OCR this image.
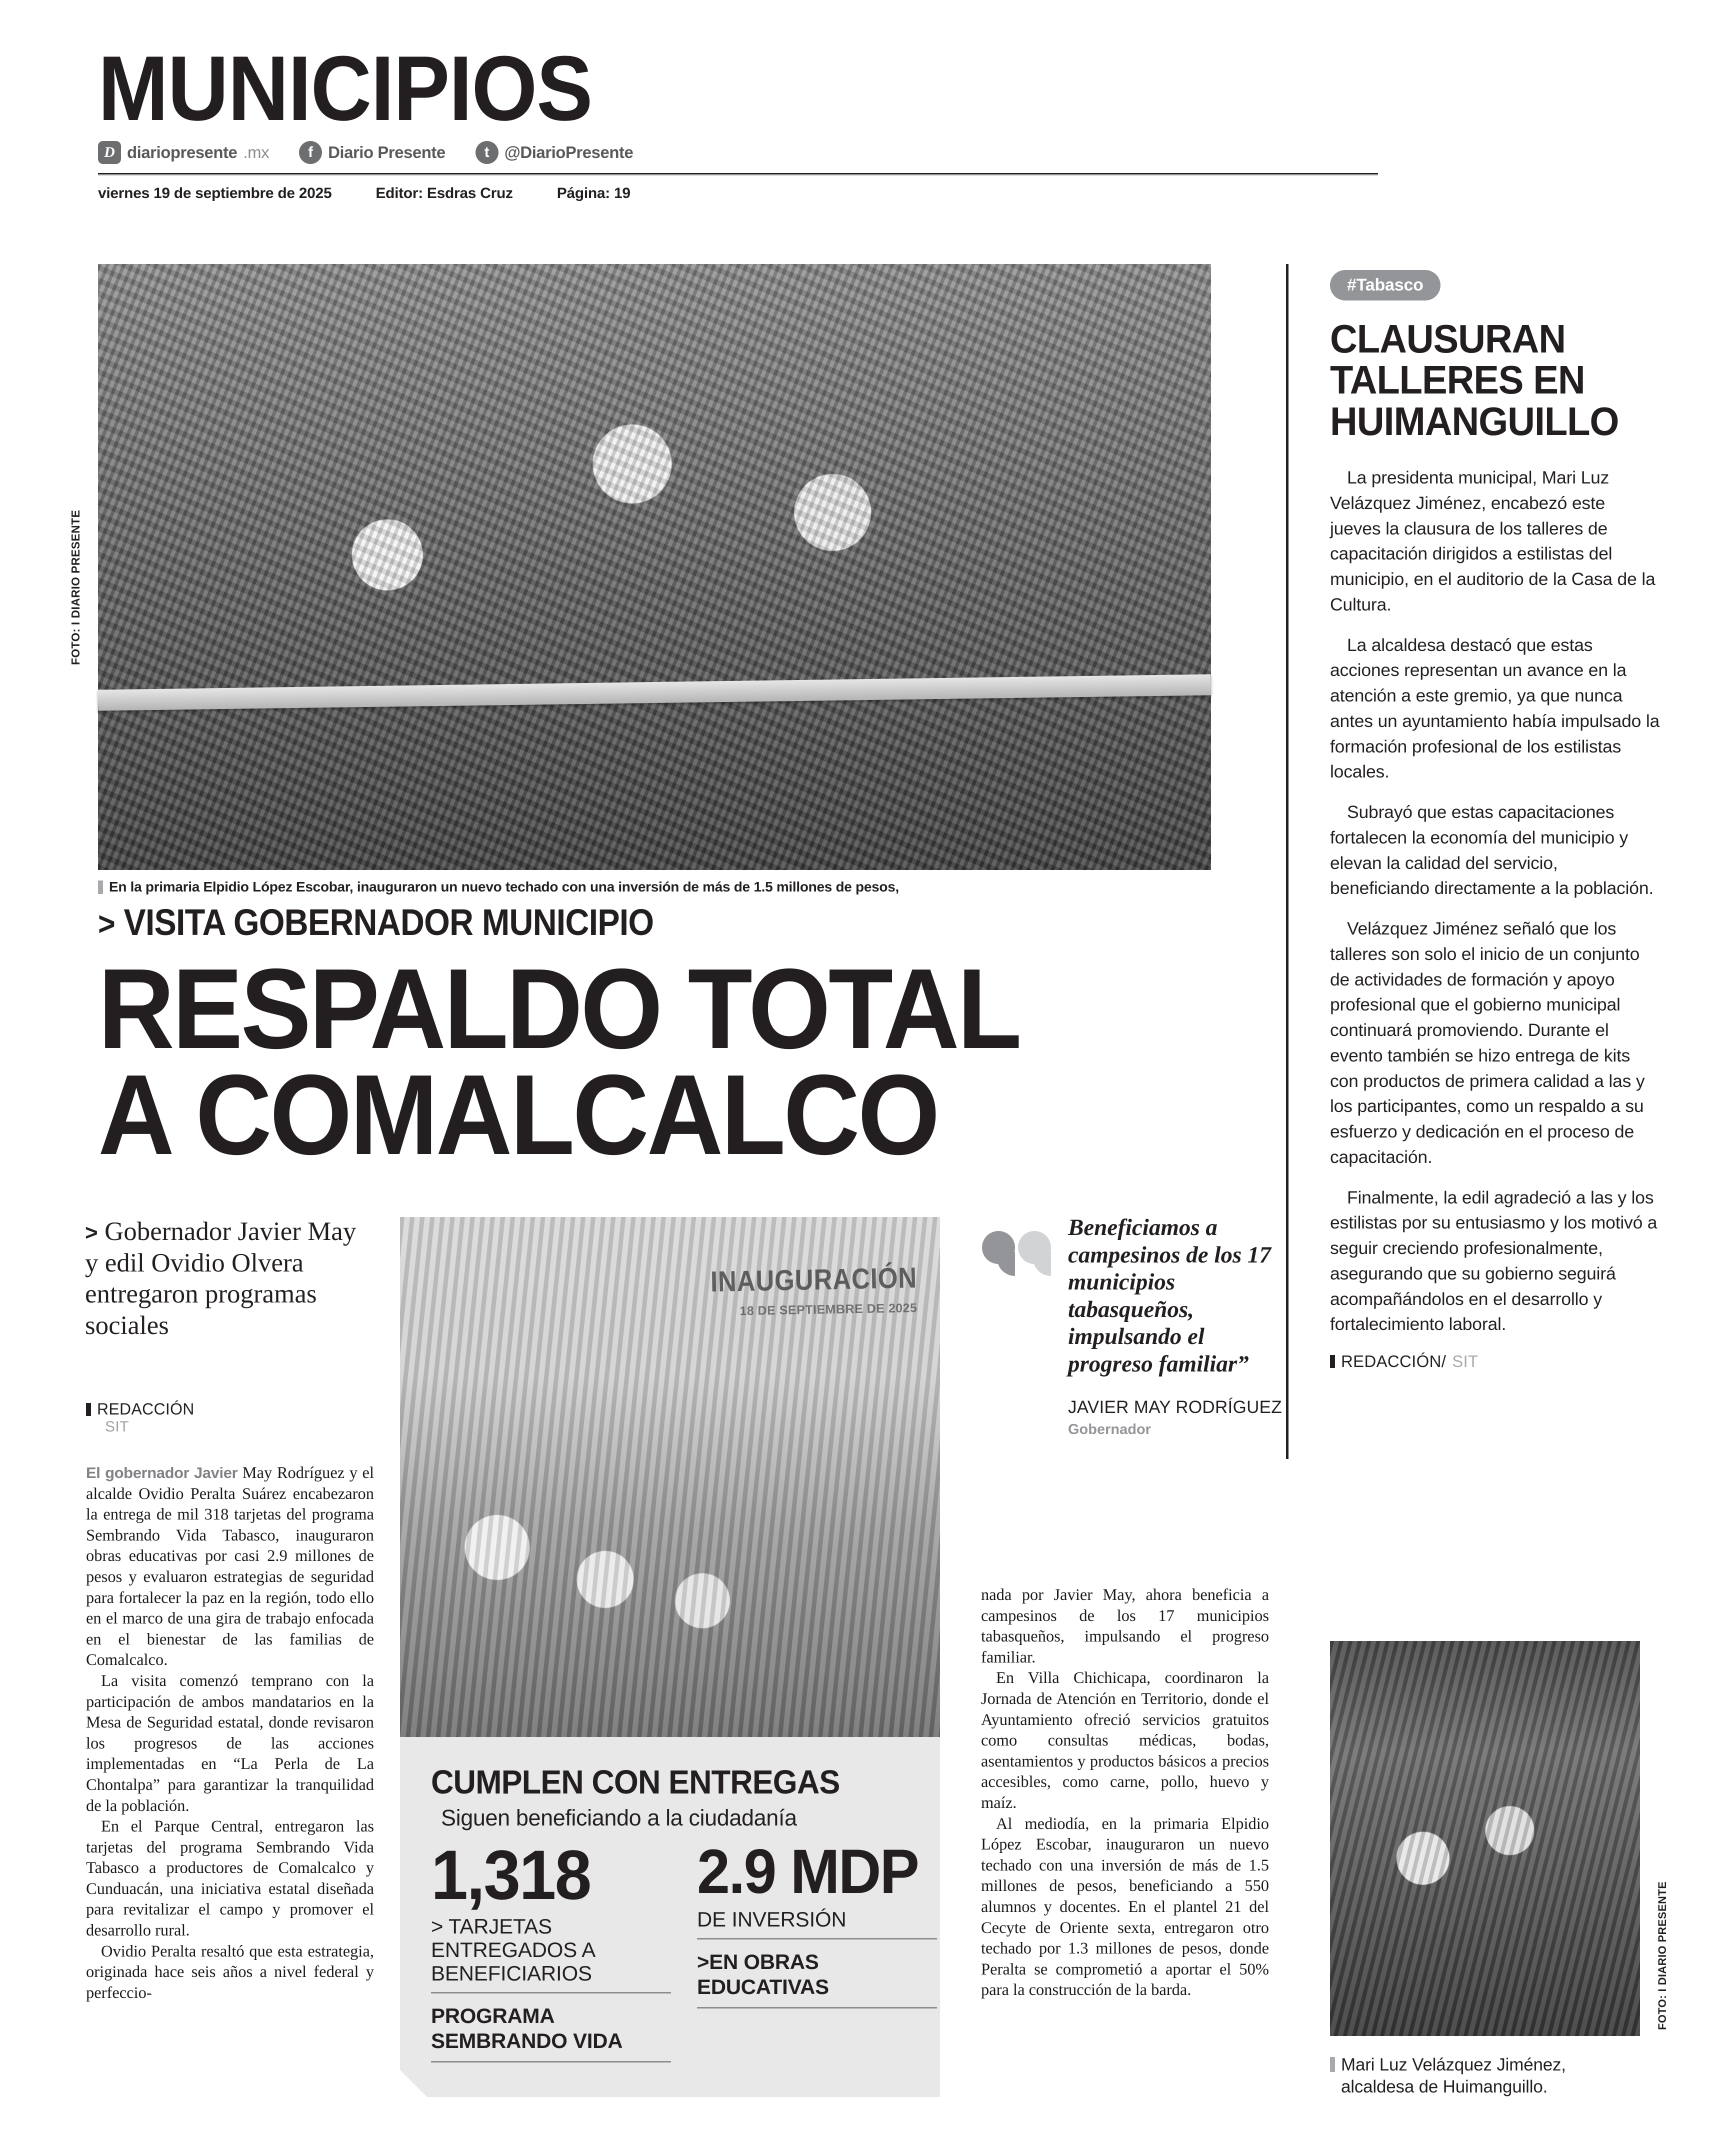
MUNICIPIOS
D diariopresente .mx	f Diario Presente	t @DiarioPresente
viernes 19 de septiembre de 2025	Editor: Esdras Cruz	Página: 19
FOTO: I DIARIO PRESENTE
En la primaria Elpidio López Escobar, inauguraron un nuevo techado con una inversión de más de 1.5 millones de pesos,
> VISITA GOBERNADOR MUNICIPIO
RESPALDO TOTAL
A COMALCALCO
> Gobernador Javier May y edil Ovidio Olvera entregaron programas sociales
REDACCIÓN
SIT

El gobernador Javier May Rodríguez y el alcalde Ovidio Peralta Suárez encabezaron la entrega de mil 318 tarjetas del programa Sembrando Vida Tabasco, inauguraron obras educativas por casi 2.9 millones de pesos y evaluaron estrategias de seguridad para fortalecer la paz en la región, todo ello en el marco de una gira de trabajo enfocada en el bienestar de las familias de Comalcalco.

La visita comenzó temprano con la participación de ambos mandatarios en la Mesa de Seguridad estatal, donde revisaron los progresos de las acciones implementadas en “La Perla de La Chontalpa” para garantizar la tranquilidad de la población.

En el Parque Central, entregaron las tarjetas del programa Sembrando Vida Tabasco a productores de Comalcalco y Cunduacán, una iniciativa estatal diseñada para revitalizar el campo y promover el desarrollo rural.

Ovidio Peralta resaltó que esta estrategia, originada hace seis años a nivel federal y perfeccio-

nada por Javier May, ahora beneficia a campesinos de los 17 municipios tabasqueños, impulsando el progreso familiar.

En Villa Chichicapa, coordinaron la Jornada de Atención en Territorio, donde el Ayuntamiento ofreció servicios gratuitos como consultas médicas, bodas, asentamientos y productos básicos a precios accesibles, como carne, pollo, huevo y maíz.

Al mediodía, en la primaria Elpidio López Escobar, inauguraron un nuevo techado con una inversión de más de 1.5 millones de pesos, beneficiando a 550 alumnos y docentes. En el plantel 21 del Cecyte de Oriente sexta, entregaron otro techado por 1.3 millones de pesos, donde Peralta se comprometió a aportar el 50% para la construcción de la barda.

INAUGURACIÓN
18 DE SEPTIEMBRE DE 2025
Beneficiamos a campesinos de los 17 municipios tabasqueños, impulsando el progreso familiar”
JAVIER MAY RODRÍGUEZ
Gobernador
CUMPLEN CON ENTREGAS
Siguen beneficiando a la ciudadanía
1,318
> TARJETAS ENTREGADOS A BENEFICIARIOS
PROGRAMA SEMBRANDO VIDA
2.9 MDP
DE INVERSIÓN
>EN OBRAS EDUCATIVAS
#Tabasco
CLAUSURAN TALLERES EN HUIMANGUILLO

La presidenta municipal, Mari Luz Velázquez Jiménez, encabezó este jueves la clausura de los talleres de capacitación dirigidos a estilistas del municipio, en el auditorio de la Casa de la Cultura.

La alcaldesa destacó que estas acciones representan un avance en la atención a este gremio, ya que nunca antes un ayuntamiento había impulsado la formación profesional de los estilistas locales.

Subrayó que estas capacitaciones fortalecen la economía del municipio y elevan la calidad del servicio, beneficiando directamente a la población.

Velázquez Jiménez señaló que los talleres son solo el inicio de un conjunto de actividades de formación y apoyo profesional que el gobierno municipal continuará promoviendo. Durante el evento también se hizo entrega de kits con productos de primera calidad a las y los participantes, como un respaldo a su esfuerzo y dedicación en el proceso de capacitación.

Finalmente, la edil agradeció a las y los estilistas por su entusiasmo y los motivó a seguir creciendo profesionalmente, asegurando que su gobierno seguirá acompañándolos en el desarrollo y fortalecimiento laboral.

REDACCIÓN/ SIT
FOTO: I DIARIO PRESENTE
Mari Luz Velázquez Jiménez, alcaldesa de Huimanguillo.
